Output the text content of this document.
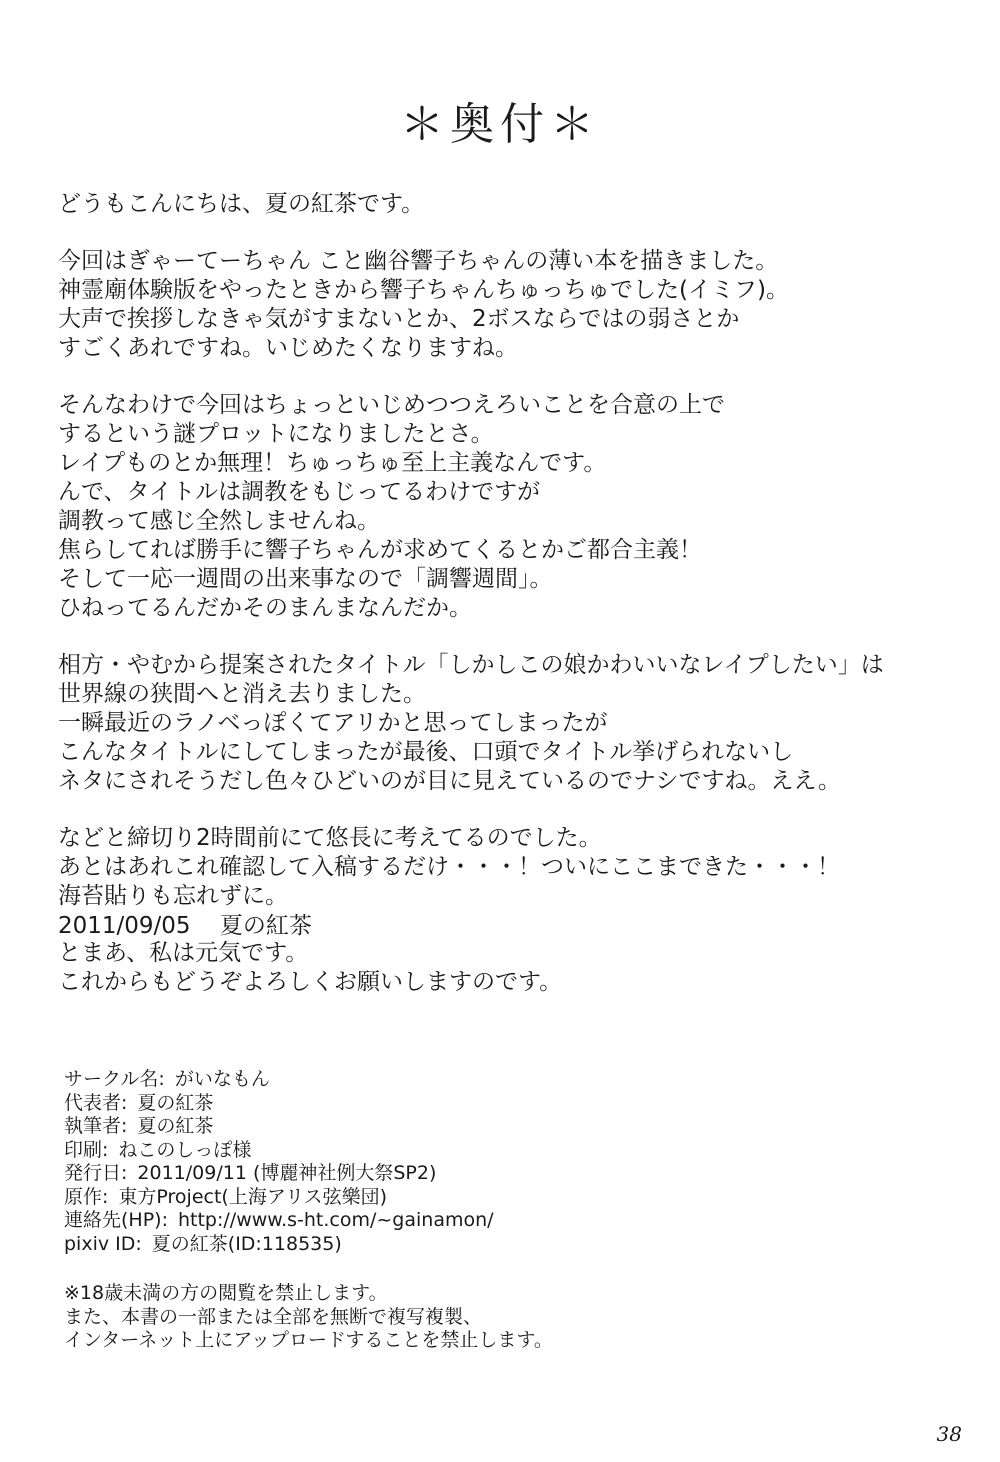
＊奥付＊
どうもこんにちは、夏の紅茶です。
今回はぎゃーてーちゃん こと幽谷響子ちゃんの薄い本を描きました。
神霊廟体験版をやったときから響子ちゃんちゅっちゅでした(イミフ)。
大声で挨拶しなきゃ気がすまないとか、2ボスならではの弱さとか
すごくあれですね。いじめたくなりますね。
そんなわけで今回はちょっといじめつつえろいことを合意の上で
するという謎プロットになりましたとさ。
レイプものとか無理！ちゅっちゅ至上主義なんです。
んで、タイトルは調教をもじってるわけですが
調教って感じ全然しませんね。
焦らしてれば勝手に響子ちゃんが求めてくるとかご都合主義！
そして一応一週間の出来事なので「調響週間」。
ひねってるんだかそのまんまなんだか。
相方・やむから提案されたタイトル「しかしこの娘かわいいなレイプしたい」は
世界線の狭間へと消え去りました。
一瞬最近のラノベっぽくてアリかと思ってしまったが
こんなタイトルにしてしまったが最後、口頭でタイトル挙げられないし
ネタにされそうだし色々ひどいのが目に見えているのでナシですね。ええ。
などと締切り2時間前にて悠長に考えてるのでした。
あとはあれこれ確認して入稿するだけ・・・！ついにここまできた・・・！
海苔貼りも忘れずに。
とまあ、私は元気です。
これからもどうぞよろしくお願いしますのです。
2011/09/05 夏の紅茶
サークル名: がいなもん
代表者: 夏の紅茶
執筆者: 夏の紅茶
印刷: ねこのしっぽ様
発行日: 2011/09/11 (博麗神社例大祭SP2)
原作: 東方Project(上海アリス弦樂団)
連絡先(HP): http://www.s-ht.com/~gainamon/
pixiv ID: 夏の紅茶(ID:118535)
※18歳未満の方の閲覧を禁止します。
また、本書の一部または全部を無断で複写複製、
インターネット上にアップロードすることを禁止します。
38
